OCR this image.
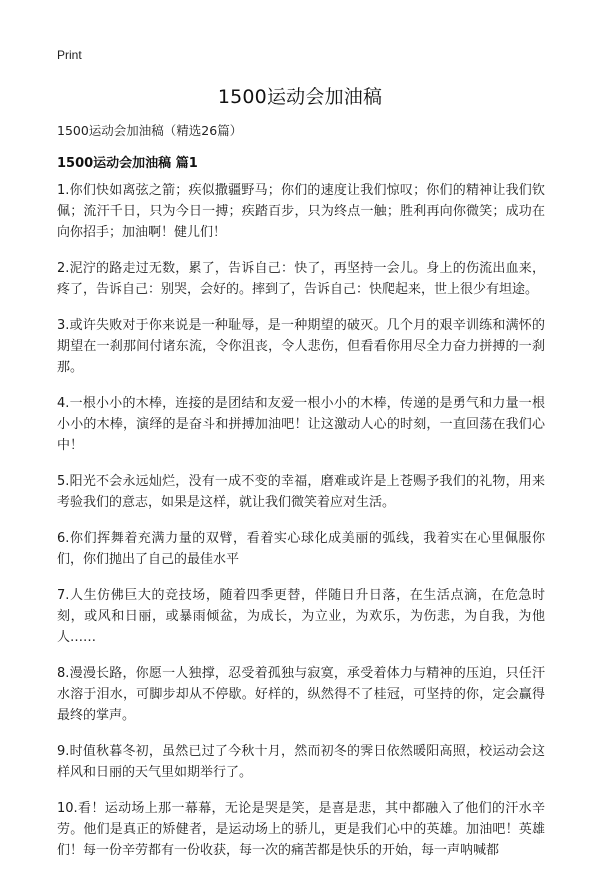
Print
1500运动会加油稿
1500运动会加油稿（精选26篇）
1500运动会加油稿 篇1

1.你们快如离弦之箭；疾似撒疆野马；你们的速度让我们惊叹；你们的精神让我们钦佩；流汗千日，只为今日一搏；疾踏百步，只为终点一触；胜利再向你微笑；成功在向你招手；加油啊！健儿们！

2.泥泞的路走过无数，累了，告诉自己：快了，再坚持一会儿。身上的伤流出血来，疼了，告诉自己：别哭，会好的。摔到了，告诉自己：快爬起来，世上很少有坦途。

3.或许失败对于你来说是一种耻辱，是一种期望的破灭。几个月的艰辛训练和满怀的期望在一刹那间付诸东流，令你沮丧，令人悲伤，但看看你用尽全力奋力拼搏的一刹那。

4.一根小小的木棒，连接的是团结和友爱一根小小的木棒，传递的是勇气和力量一根小小的木棒，演绎的是奋斗和拼搏加油吧！让这激动人心的时刻，一直回荡在我们心中！

5.阳光不会永远灿烂，没有一成不变的幸福，磨难或许是上苍赐予我们的礼物，用来考验我们的意志，如果是这样，就让我们微笑着应对生活。

6.你们挥舞着充满力量的双臂，看着实心球化成美丽的弧线，我着实在心里佩服你们，你们抛出了自己的最佳水平

7.人生仿佛巨大的竞技场，随着四季更替，伴随日升日落，在生活点滴，在危急时刻，或风和日丽，或暴雨倾盆，为成长，为立业，为欢乐，为伤悲，为自我，为他人……

8.漫漫长路，你愿一人独撑，忍受着孤独与寂寞，承受着体力与精神的压迫，只任汗水溶于泪水，可脚步却从不停歇。好样的，纵然得不了桂冠，可坚持的你，定会赢得最终的掌声。

9.时值秋暮冬初，虽然已过了今秋十月，然而初冬的霁日依然暖阳高照，校运动会这样风和日丽的天气里如期举行了。

10.看！运动场上那一幕幕，无论是哭是笑，是喜是悲，其中都融入了他们的汗水辛劳。他们是真正的矫健者，是运动场上的骄儿，更是我们心中的英雄。加油吧！英雄们！每一份辛劳都有一份收获，每一次的痛苦都是快乐的开始，每一声呐喊都
